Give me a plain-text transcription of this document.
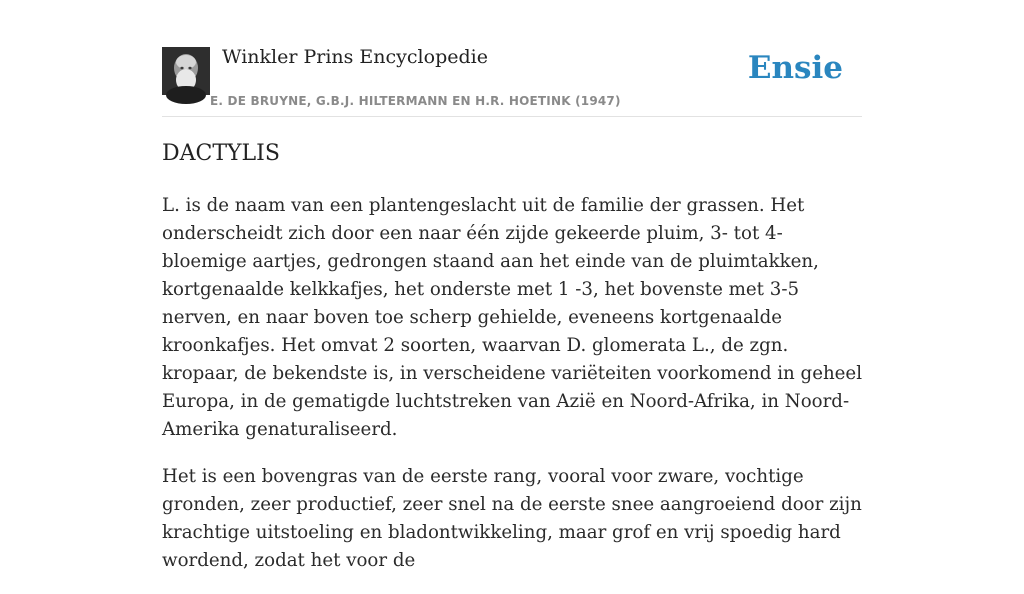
Winkler Prins Encyclopedie
E. DE BRUYNE, G.B.J. HILTERMANN EN H.R. HOETINK (1947)
Ensie
DACTYLIS

L. is de naam van een plantengeslacht uit de familie der grassen. Het onderscheidt zich door een naar één zijde gekeerde pluim, 3- tot 4-bloemige aartjes, gedrongen staand aan het einde van de pluimtakken, kortgenaalde kelkkafjes, het onderste met 1 -3, het bovenste met 3-5 nerven, en naar boven toe scherp gehielde, eveneens kortgenaalde kroonkafjes. Het omvat 2 soorten, waarvan D. glomerata L., de zgn. kropaar, de bekendste is, in verscheidene variëteiten voorkomend in geheel Europa, in de gematigde luchtstreken van Azië en Noord-Afrika, in Noord-Amerika genaturaliseerd.

Het is een bovengras van de eerste rang, vooral voor zware, vochtige gronden, zeer productief, zeer snel na de eerste snee aangroeiend door zijn krachtige uitstoeling en bladontwikkeling, maar grof en vrij spoedig hard wordend, zodat het voor de
